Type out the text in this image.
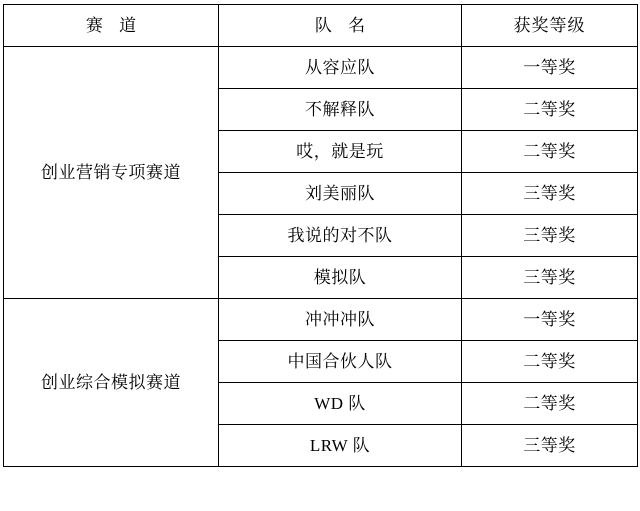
赛 道	队 名	获奖等级
创业营销专项赛道	从容应队	一等奖
	不解释队	二等奖
	哎，就是玩	二等奖
	刘美丽队	三等奖
	我说的对不队	三等奖
	模拟队	三等奖
创业综合模拟赛道	冲冲冲队	一等奖
	中国合伙人队	二等奖
	WD 队	二等奖
	LRW 队	三等奖
